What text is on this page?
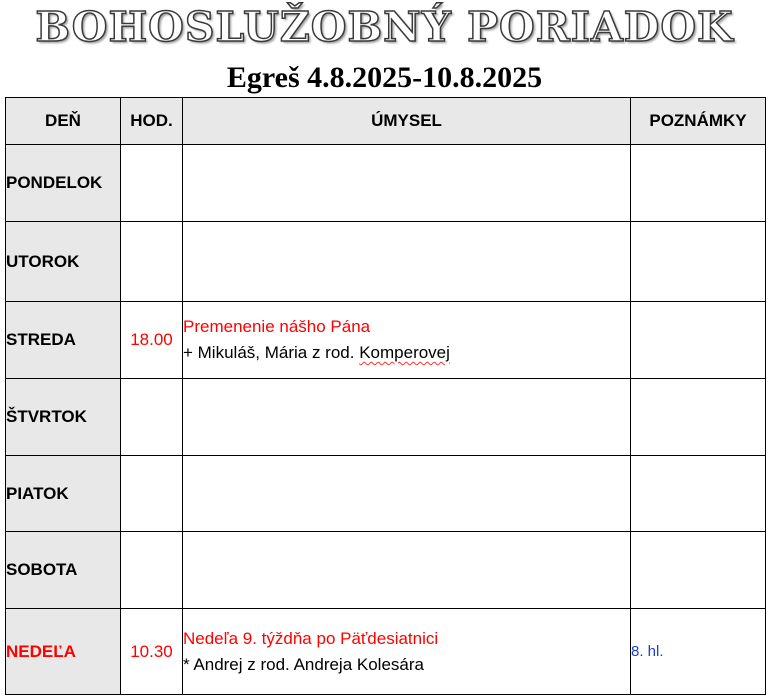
BOHOSLUŽOBNÝ PORIADOK
Egreš 4.8.2025-10.8.2025
DEŇ	HOD.	ÚMYSEL	POZNÁMKY
PONDELOK			
UTOROK			
STREDA	18.00	Premenenie nášho Pána
+ Mikuláš, Mária z rod. Komperovej	

ŠTVRTOK			
PIATOK			
SOBOTA			
NEDEĽA	10.30	Nedeľa 9. týždňa po Päťdesiatnici
* Andrej z rod. Andreja Kolesára	8. hl.
